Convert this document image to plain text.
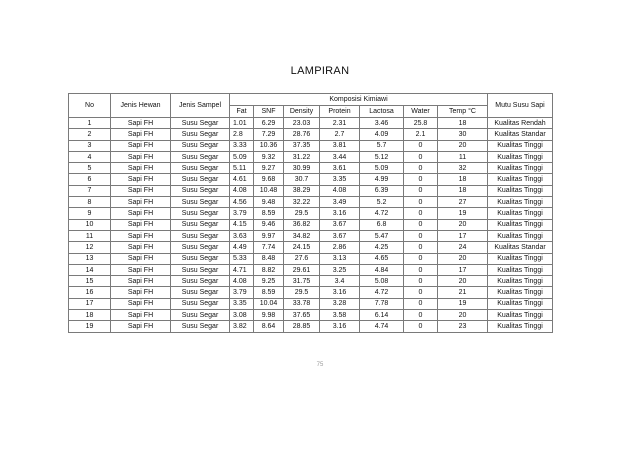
LAMPIRAN
No	Jenis Hewan	Jenis Sampel	Komposisi Kimiawi							Mutu Susu Sapi
			Fat	SNF	Density	Protein	Lactosa	Water	Temp °C	
1	Sapi FH	Susu Segar	1.01	6.29	23.03	2.31	3.46	25.8	18	Kualitas Rendah
2	Sapi FH	Susu Segar	2.8	7.29	28.76	2.7	4.09	2.1	30	Kualitas Standar
3	Sapi FH	Susu Segar	3.33	10.36	37.35	3.81	5.7	0	20	Kualitas Tinggi
4	Sapi FH	Susu Segar	5.09	9.32	31.22	3.44	5.12	0	11	Kualitas Tinggi
5	Sapi FH	Susu Segar	5.11	9.27	30.99	3.61	5.09	0	32	Kualitas Tinggi
6	Sapi FH	Susu Segar	4.61	9.68	30.7	3.35	4.99	0	18	Kualitas Tinggi
7	Sapi FH	Susu Segar	4.08	10.48	38.29	4.08	6.39	0	18	Kualitas Tinggi
8	Sapi FH	Susu Segar	4.56	9.48	32.22	3.49	5.2	0	27	Kualitas Tinggi
9	Sapi FH	Susu Segar	3.79	8.59	29.5	3.16	4.72	0	19	Kualitas Tinggi
10	Sapi FH	Susu Segar	4.15	9.46	36.82	3.67	6.8	0	20	Kualitas Tinggi
11	Sapi FH	Susu Segar	3.63	9.97	34.82	3.67	5.47	0	17	Kualitas Tinggi
12	Sapi FH	Susu Segar	4.49	7.74	24.15	2.86	4.25	0	24	Kualitas Standar
13	Sapi FH	Susu Segar	5.33	8.48	27.6	3.13	4.65	0	20	Kualitas Tinggi
14	Sapi FH	Susu Segar	4.71	8.82	29.61	3.25	4.84	0	17	Kualitas Tinggi
15	Sapi FH	Susu Segar	4.08	9.25	31.75	3.4	5.08	0	20	Kualitas Tinggi
16	Sapi FH	Susu Segar	3.79	8.59	29.5	3.16	4.72	0	21	Kualitas Tinggi
17	Sapi FH	Susu Segar	3.35	10.04	33.78	3.28	7.78	0	19	Kualitas Tinggi
18	Sapi FH	Susu Segar	3.08	9.98	37.65	3.58	6.14	0	20	Kualitas Tinggi
19	Sapi FH	Susu Segar	3.82	8.64	28.85	3.16	4.74	0	23	Kualitas Tinggi
75
